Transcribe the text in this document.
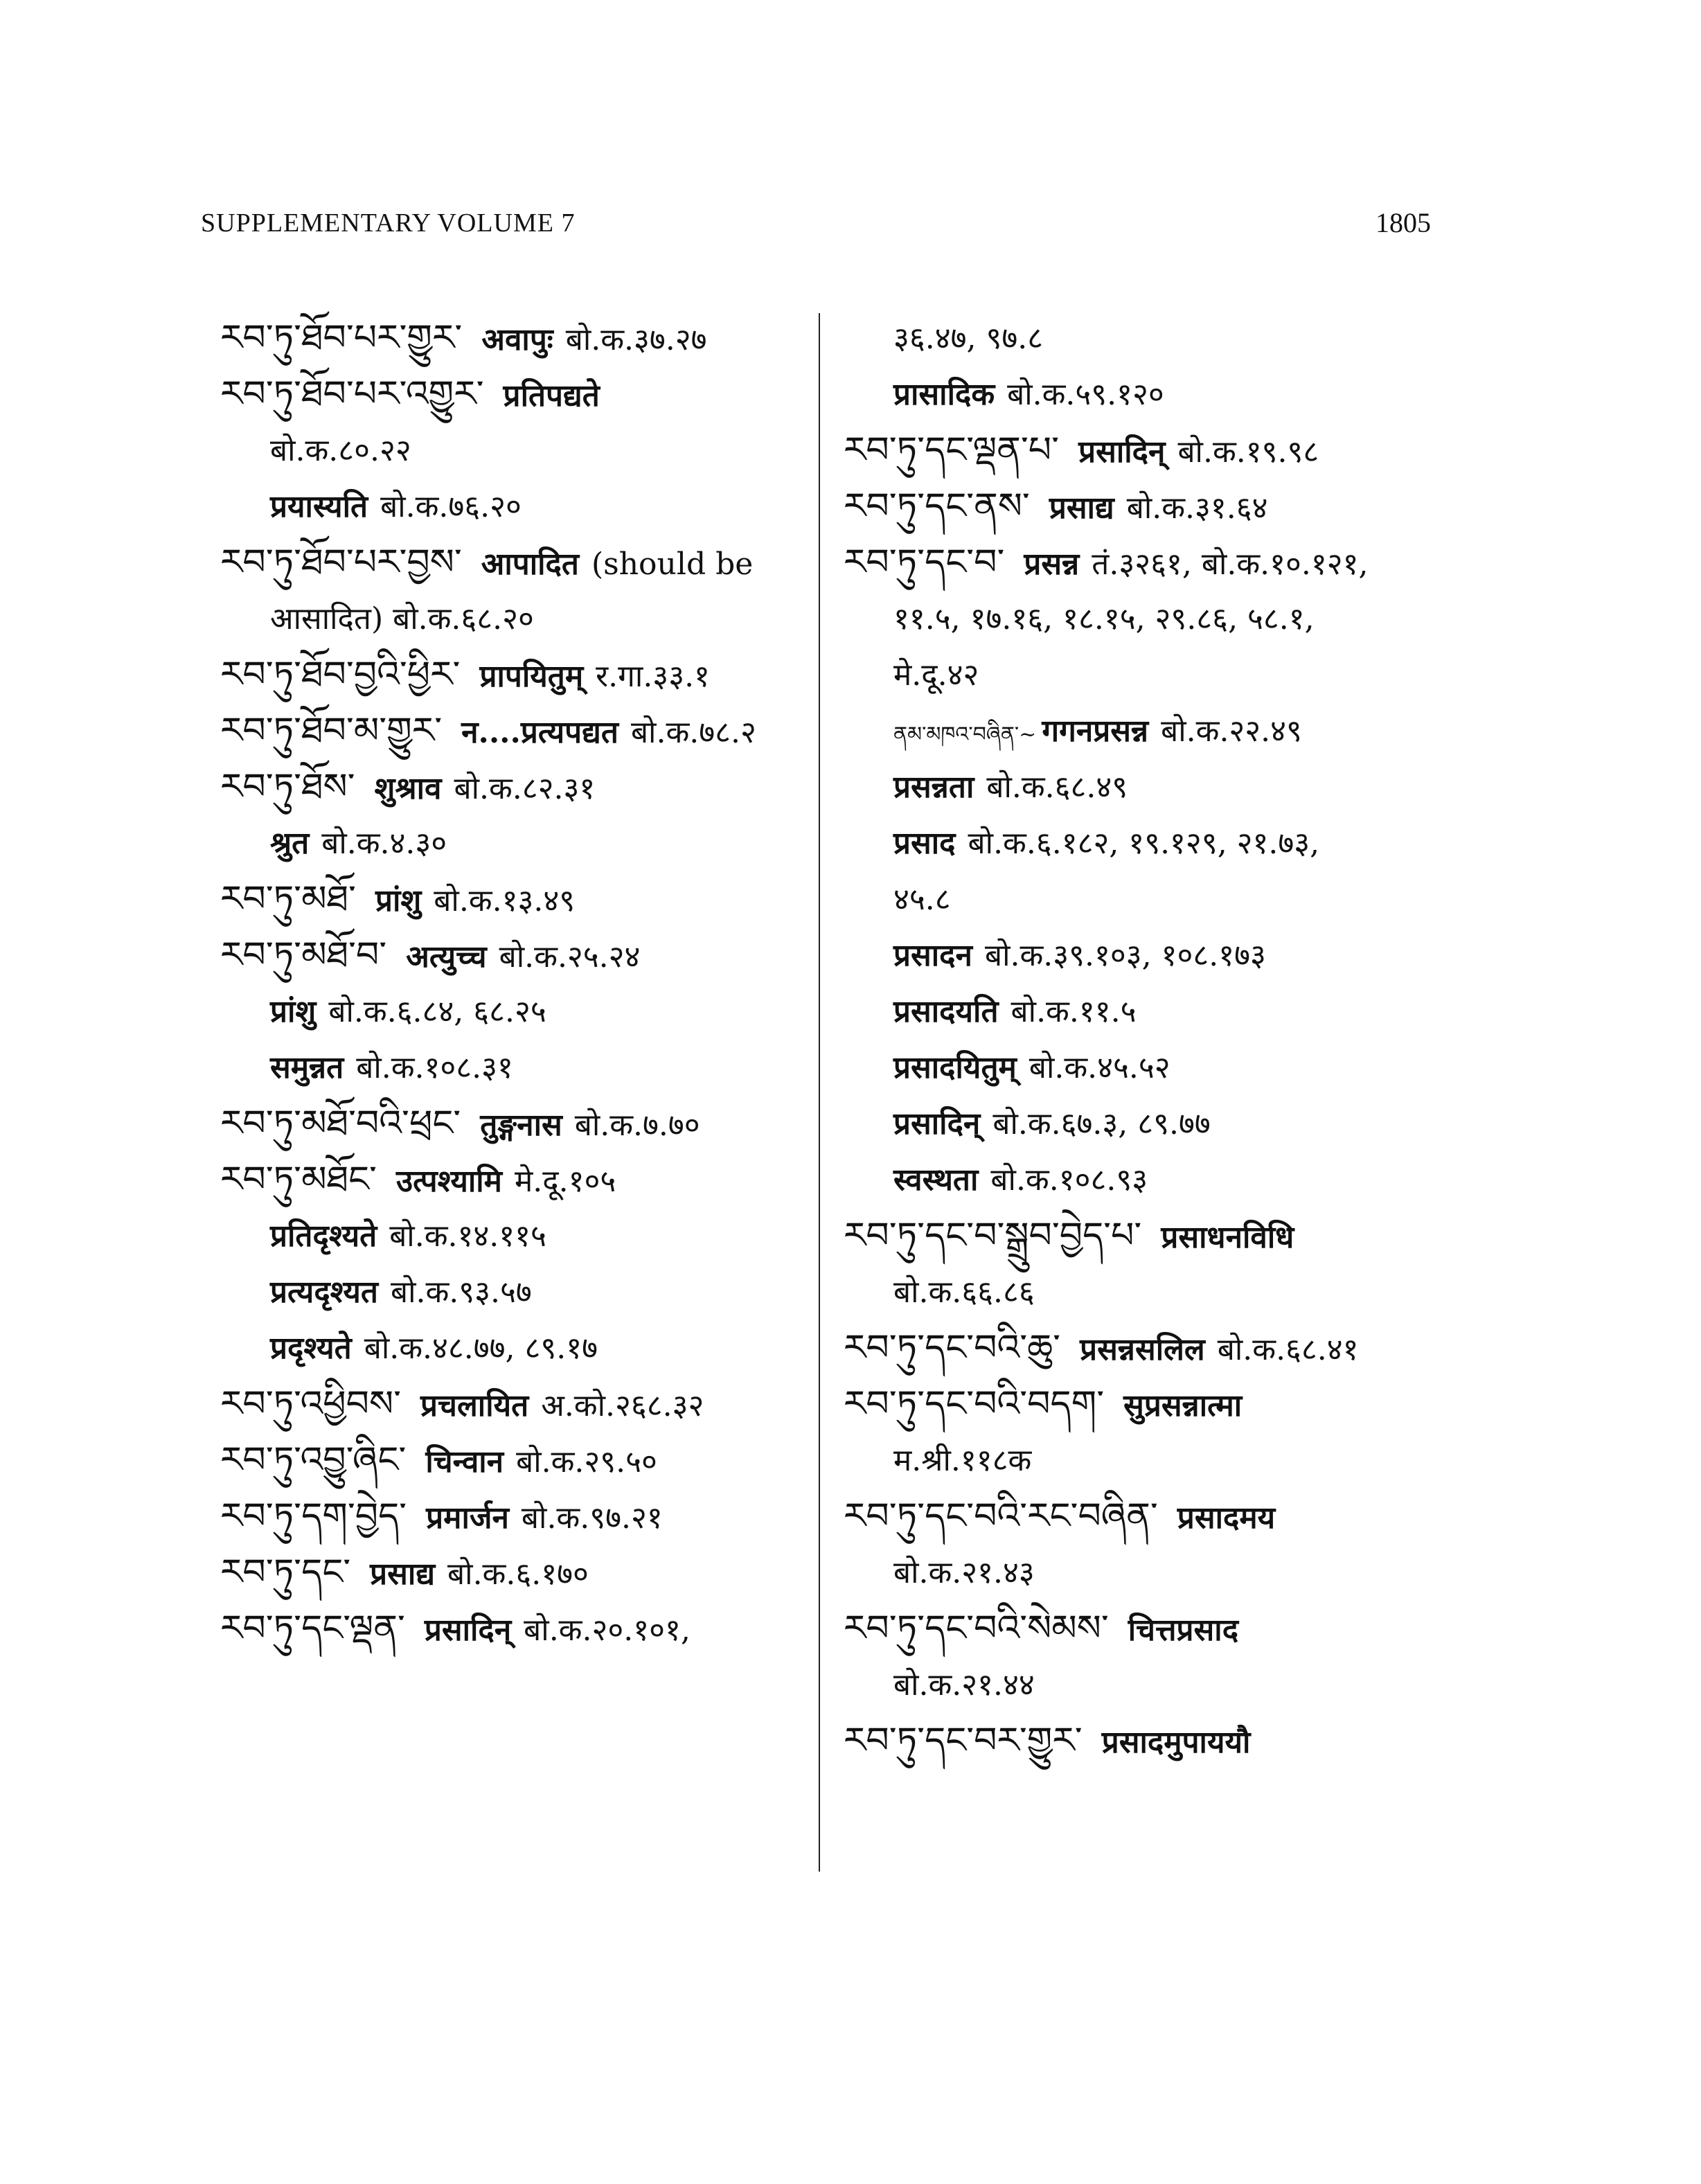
SUPPLEMENTARY VOLUME 7	1805
རབ་ཏུ་ཐོབ་པར་གྱུར་ अवापुः बो.क.३७.२७
རབ་ཏུ་ཐོབ་པར་འགྱུར་ प्रतिपद्यते
बो.क.८०.२२
प्रयास्यति बो.क.७६.२०
རབ་ཏུ་ཐོབ་པར་བྱས་ आपादित (should be
आसादित) बो.क.६८.२०
རབ་ཏུ་ཐོབ་བྱའི་ཕྱིར་ प्रापयितुम् र.गा.३३.१
རབ་ཏུ་ཐོབ་མ་གྱུར་ न....प्रत्यपद्यत बो.क.७८.२
རབ་ཏུ་ཐོས་ शुश्राव बो.क.८२.३१
श्रुत बो.क.४.३०
རབ་ཏུ་མཐོ་ प्रांशु बो.क.१३.४९
རབ་ཏུ་མཐོ་བ་ अत्युच्च बो.क.२५.२४
प्रांशु बो.क.६.८४, ६८.२५
समुन्नत बो.क.१०८.३१
རབ་ཏུ་མཐོ་བའི་ཕྲང་ तुङ्गनास बो.क.७.७०
རབ་ཏུ་མཐོང་ उत्पश्यामि मे.दू.१०५
प्रतिदृश्यते बो.क.१४.११५
प्रत्यदृश्यत बो.क.९३.५७
प्रदृश्यते बो.क.४८.७७, ८९.१७
རབ་ཏུ་འཕྱིབས་ प्रचलायित अ.को.२६८.३२
རབ་ཏུ་འབྱུ་ཞིང་ चिन्वान बो.क.२९.५०
རབ་ཏུ་དག་བྱེད་ प्रमार्जन बो.क.९७.२१
རབ་ཏུ་དང་ प्रसाद्य बो.क.६.१७०
རབ་ཏུ་དང་ལྡན་ प्रसादिन् बो.क.२०.१०१,
३६.४७, ९७.८
प्रासादिक बो.क.५९.१२०
རབ་ཏུ་དང་ལྡན་པ་ प्रसादिन् बो.क.१९.९८
རབ་ཏུ་དང་ནས་ प्रसाद्य बो.क.३१.६४
རབ་ཏུ་དང་བ་ प्रसन्न तं.३२६१, बो.क.१०.१२१,
११.५, १७.१६, १८.१५, २९.८६, ५८.१,
मे.दू.४२
ནམ་མཁའ་བཞིན་~ गगनप्रसन्न बो.क.२२.४९
प्रसन्नता बो.क.६८.४९
प्रसाद बो.क.६.१८२, १९.१२९, २१.७३,
४५.८
प्रसादन बो.क.३९.१०३, १०८.१७३
प्रसादयति बो.क.११.५
प्रसादयितुम् बो.क.४५.५२
प्रसादिन् बो.क.६७.३, ८९.७७
स्वस्थता बो.क.१०८.९३
རབ་ཏུ་དང་བ་སྒྲུབ་བྱེད་པ་ प्रसाधनविधि
बो.क.६६.८६
རབ་ཏུ་དང་བའི་ཆུ་ प्रसन्नसलिल बो.क.६८.४१
རབ་ཏུ་དང་བའི་བདག་ सुप्रसन्नात्मा
म.श्री.११८क
རབ་ཏུ་དང་བའི་རང་བཞིན་ प्रसादमय
बो.क.२१.४३
རབ་ཏུ་དང་བའི་སེམས་ चित्तप्रसाद
बो.क.२१.४४
རབ་ཏུ་དང་བར་གྱུར་ प्रसादमुपाययौ
